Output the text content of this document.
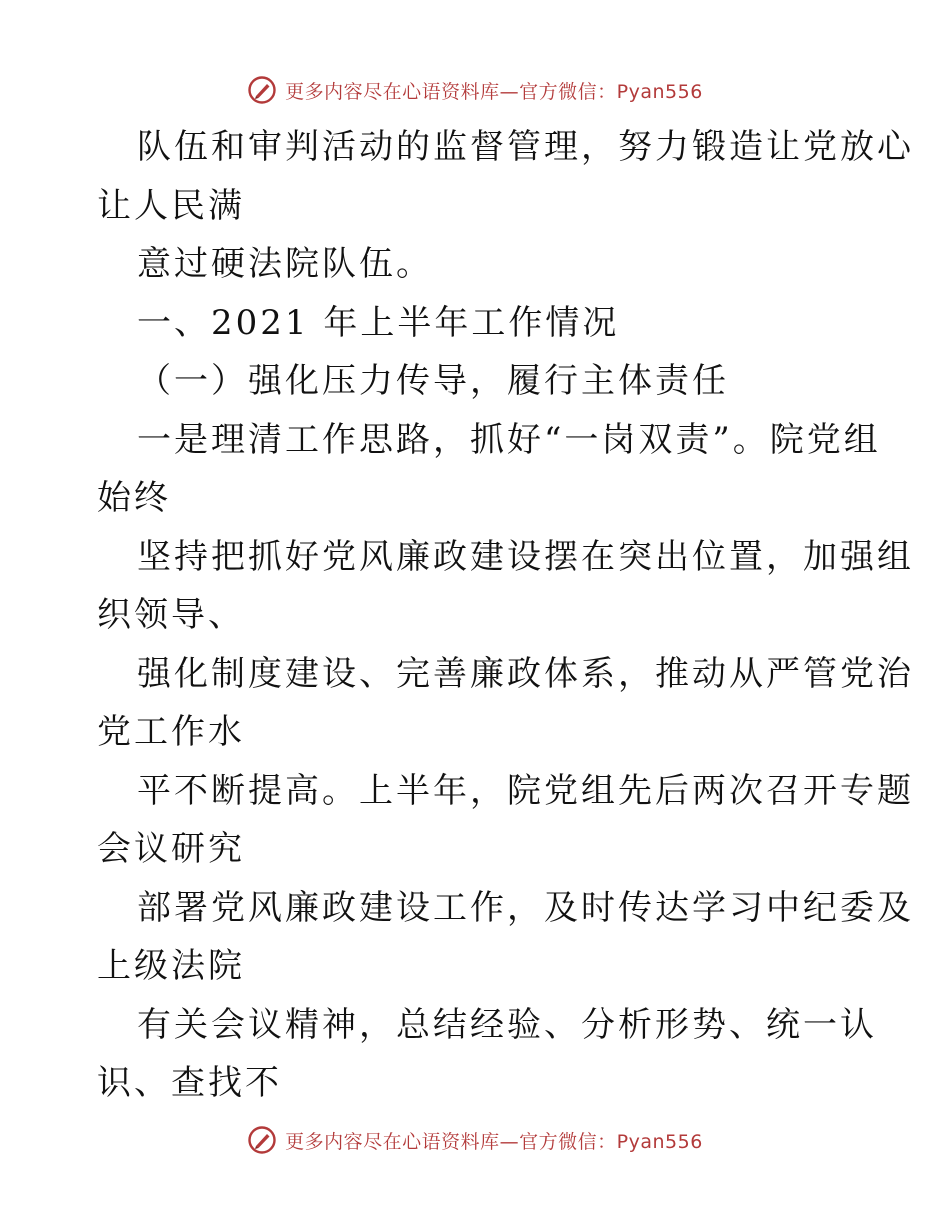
更多内容尽在心语资料库—官方微信：Pyan556
队伍和审判活动的监督管理，努力锻造让党放心
让人民满
意过硬法院队伍。
一、2021 年上半年工作情况
（一）强化压力传导，履行主体责任
一是理清工作思路，抓好“一岗双责”。院党组
始终
坚持把抓好党风廉政建设摆在突出位置，加强组
织领导、
强化制度建设、完善廉政体系，推动从严管党治
党工作水
平不断提高。上半年，院党组先后两次召开专题
会议研究
部署党风廉政建设工作，及时传达学习中纪委及
上级法院
有关会议精神，总结经验、分析形势、统一认
识、查找不
更多内容尽在心语资料库—官方微信：Pyan556
